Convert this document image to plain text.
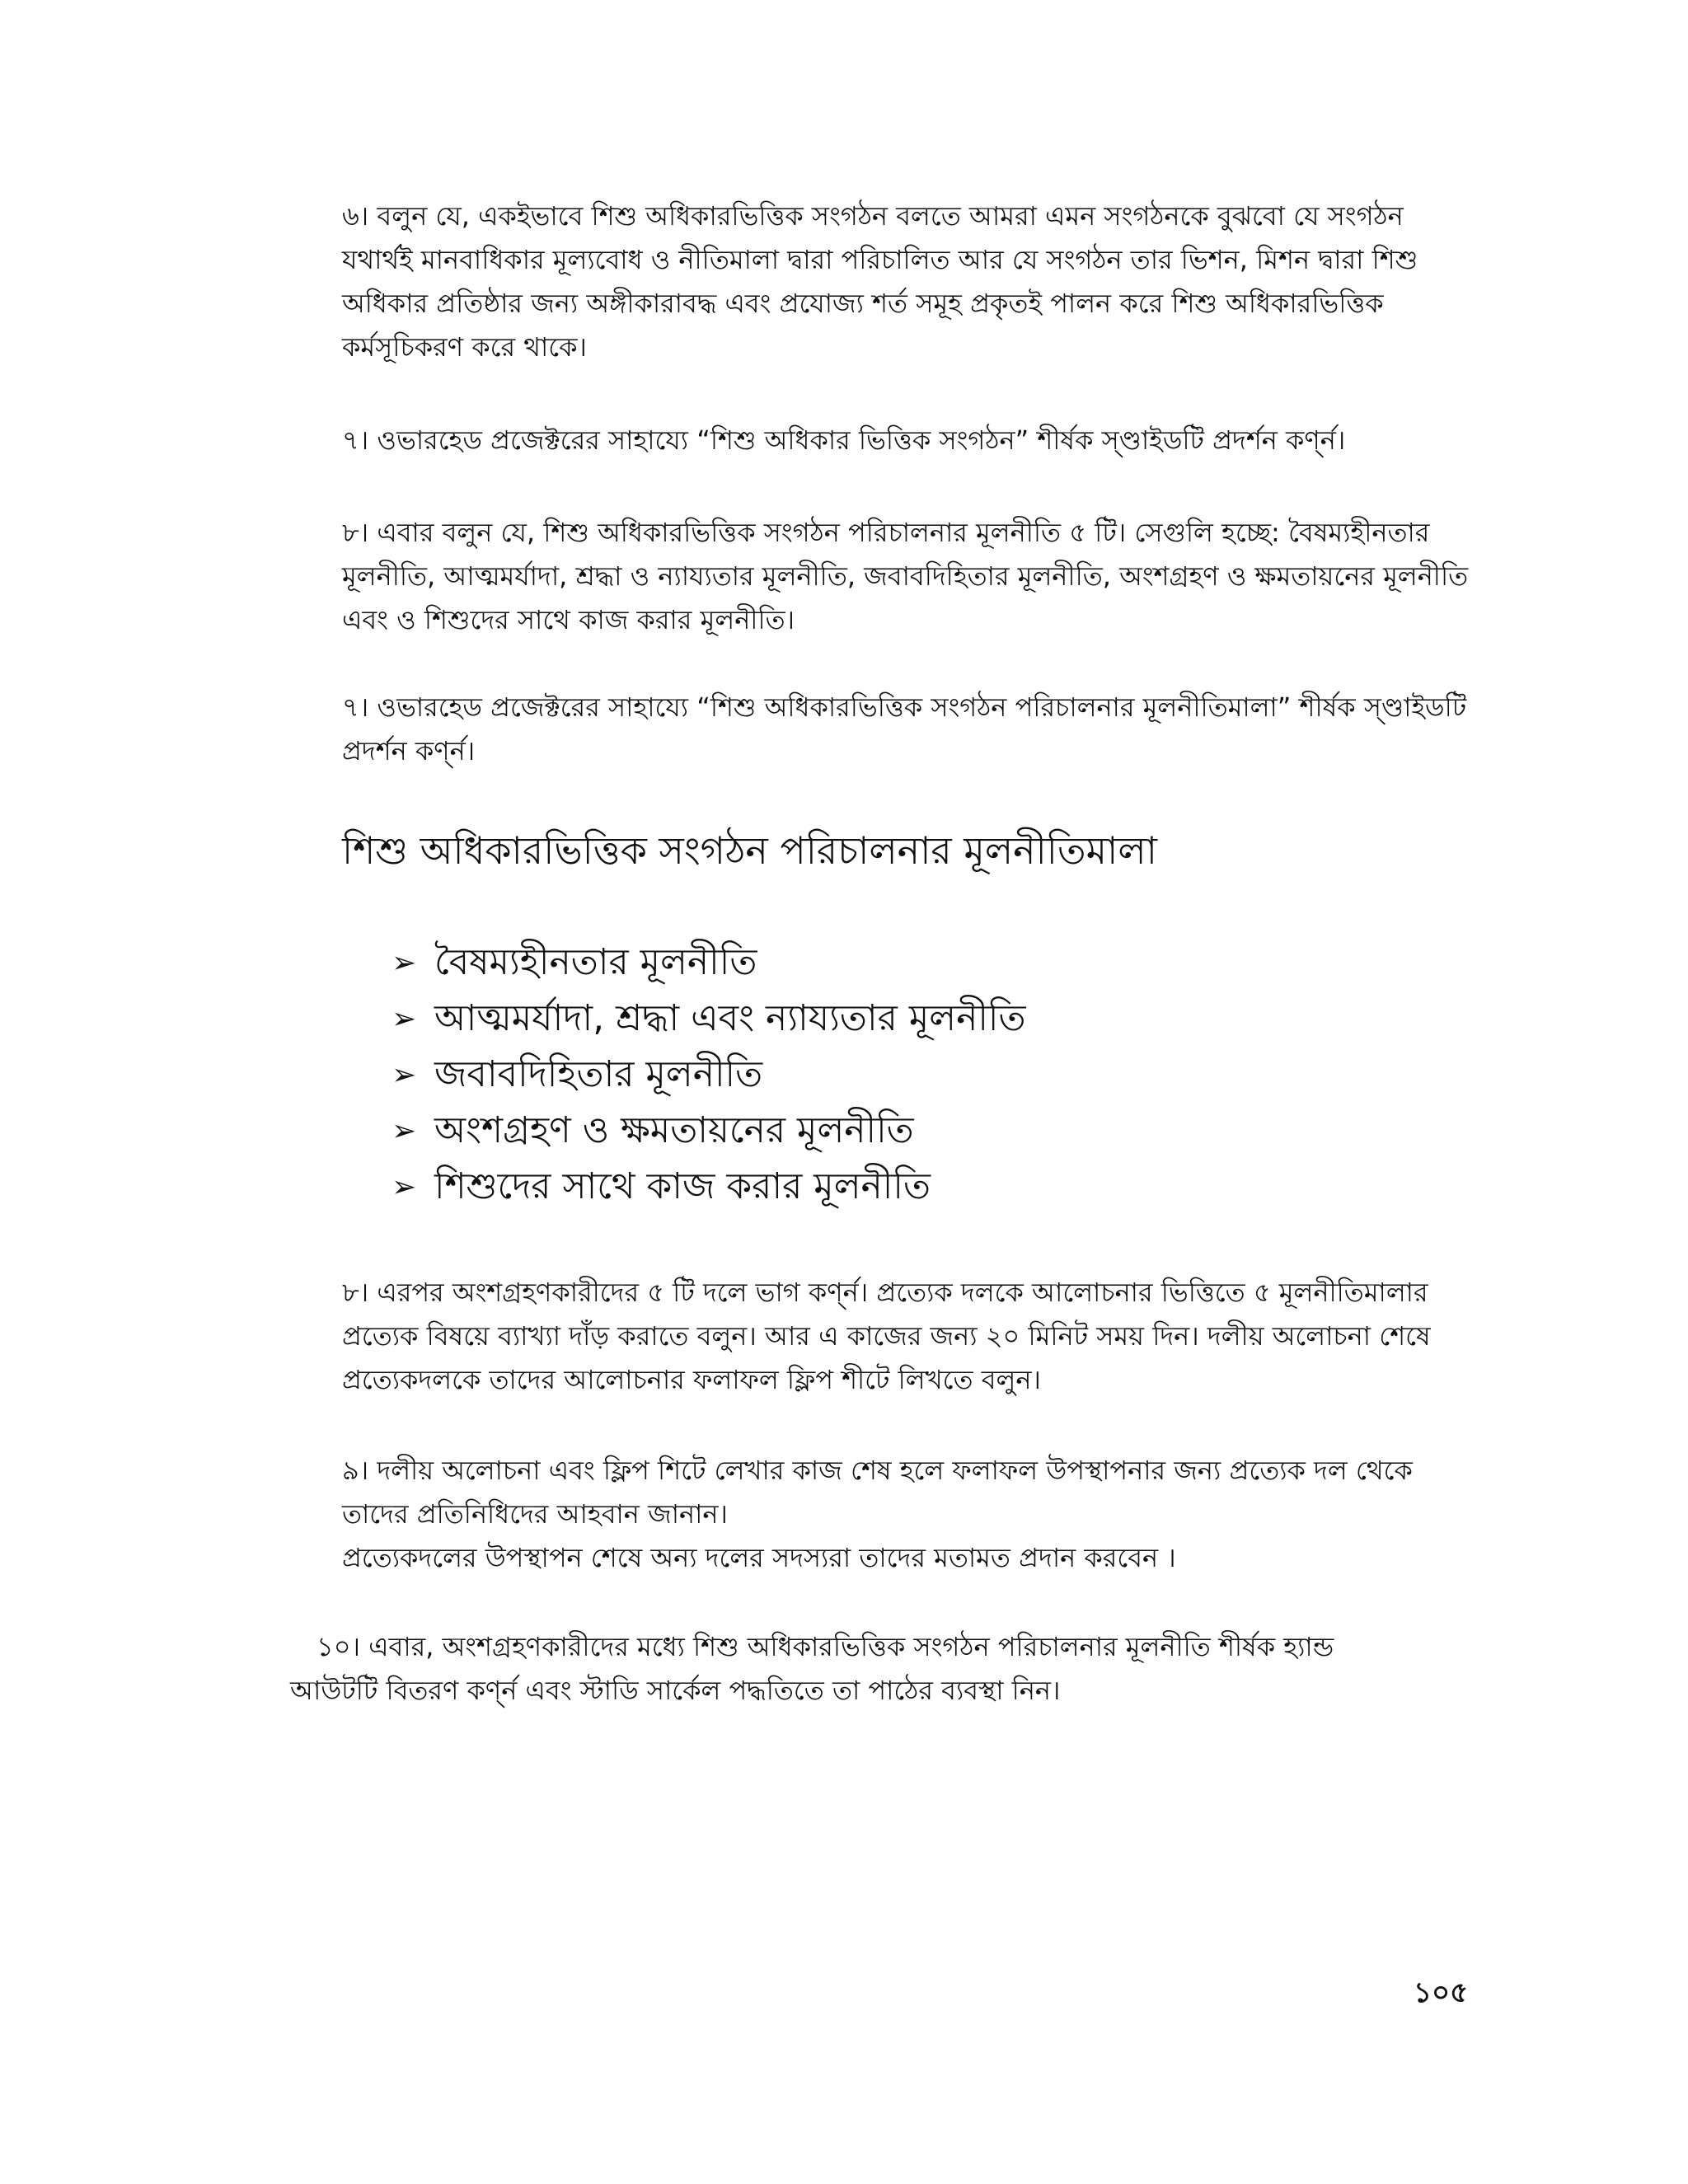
৬। বলুন যে, একইভাবে শিশু অধিকারভিত্তিক সংগঠন বলতে আমরা এমন সংগঠনকে বুঝবো যে সংগঠন যথার্থই মানবাধিকার মূল্যবোধ ও নীতিমালা দ্বারা পরিচালিত আর যে সংগঠন তার ভিশন, মিশন দ্বারা শিশু অধিকার প্রতিষ্ঠার জন্য অঙ্গীকারাবদ্ধ এবং প্রযোজ্য শর্ত সমূহ প্রকৃতই পালন করে শিশু অধিকারভিত্তিক কর্মসূচিকরণ করে থাকে।

৭। ওভারহেড প্রজেক্টরের সাহায্যে “শিশু অধিকার ভিত্তিক সংগঠন” শীর্ষক স্ণ্ডাইডটি প্রদর্শন কর্ণ্ন।

৮। এবার বলুন যে, শিশু অধিকারভিত্তিক সংগঠন পরিচালনার মূলনীতি ৫ টি। সেগুলি হচ্ছে: বৈষম্যহীনতার মূলনীতি, আত্মমর্যাদা, শ্রদ্ধা ও ন্যায্যতার মূলনীতি, জবাবদিহিতার মূলনীতি, অংশগ্রহণ ও ক্ষমতায়নের মূলনীতি এবং ও শিশুদের সাথে কাজ করার মূলনীতি।

৭। ওভারহেড প্রজেক্টরের সাহায্যে “শিশু অধিকারভিত্তিক সংগঠন পরিচালনার মূলনীতিমালা” শীর্ষক স্ণ্ডাইডটি প্রদর্শন কর্ণ্ন।

শিশু অধিকারভিত্তিক সংগঠন পরিচালনার মূলনীতিমালা
➢ বৈষম্যহীনতার মূলনীতি
➢ আত্মমর্যাদা, শ্রদ্ধা এবং ন্যায্যতার মূলনীতি
➢ জবাবদিহিতার মূলনীতি
➢ অংশগ্রহণ ও ক্ষমতায়নের মূলনীতি
➢ শিশুদের সাথে কাজ করার মূলনীতি

৮। এরপর অংশগ্রহণকারীদের ৫ টি দলে ভাগ কর্ণ্ন। প্রত্যেক দলকে আলোচনার ভিত্তিতে ৫ মূলনীতিমালার প্রত্যেক বিষয়ে ব্যাখ্যা দাঁড় করাতে বলুন। আর এ কাজের জন্য ২০ মিনিট সময় দিন। দলীয় অলোচনা শেষে প্রত্যেকদলকে তাদের আলোচনার ফলাফল ফ্লিপ শীটে লিখতে বলুন।

৯। দলীয় অলোচনা এবং ফ্লিপ শিটে লেখার কাজ শেষ হলে ফলাফল উপস্থাপনার জন্য প্রত্যেক দল থেকে তাদের প্রতিনিধিদের আহবান জানান।
প্রত্যেকদলের উপস্থাপন শেষে অন্য দলের সদস্যরা তাদের মতামত প্রদান করবেন ।
১০। এবার, অংশগ্রহণকারীদের মধ্যে শিশু অধিকারভিত্তিক সংগঠন পরিচালনার মূলনীতি শীর্ষক হ্যান্ড
আউটটি বিতরণ কর্ণ্ন এবং স্টাডি সার্কেল পদ্ধতিতে তা পাঠের ব্যবস্থা নিন।

১০৫
